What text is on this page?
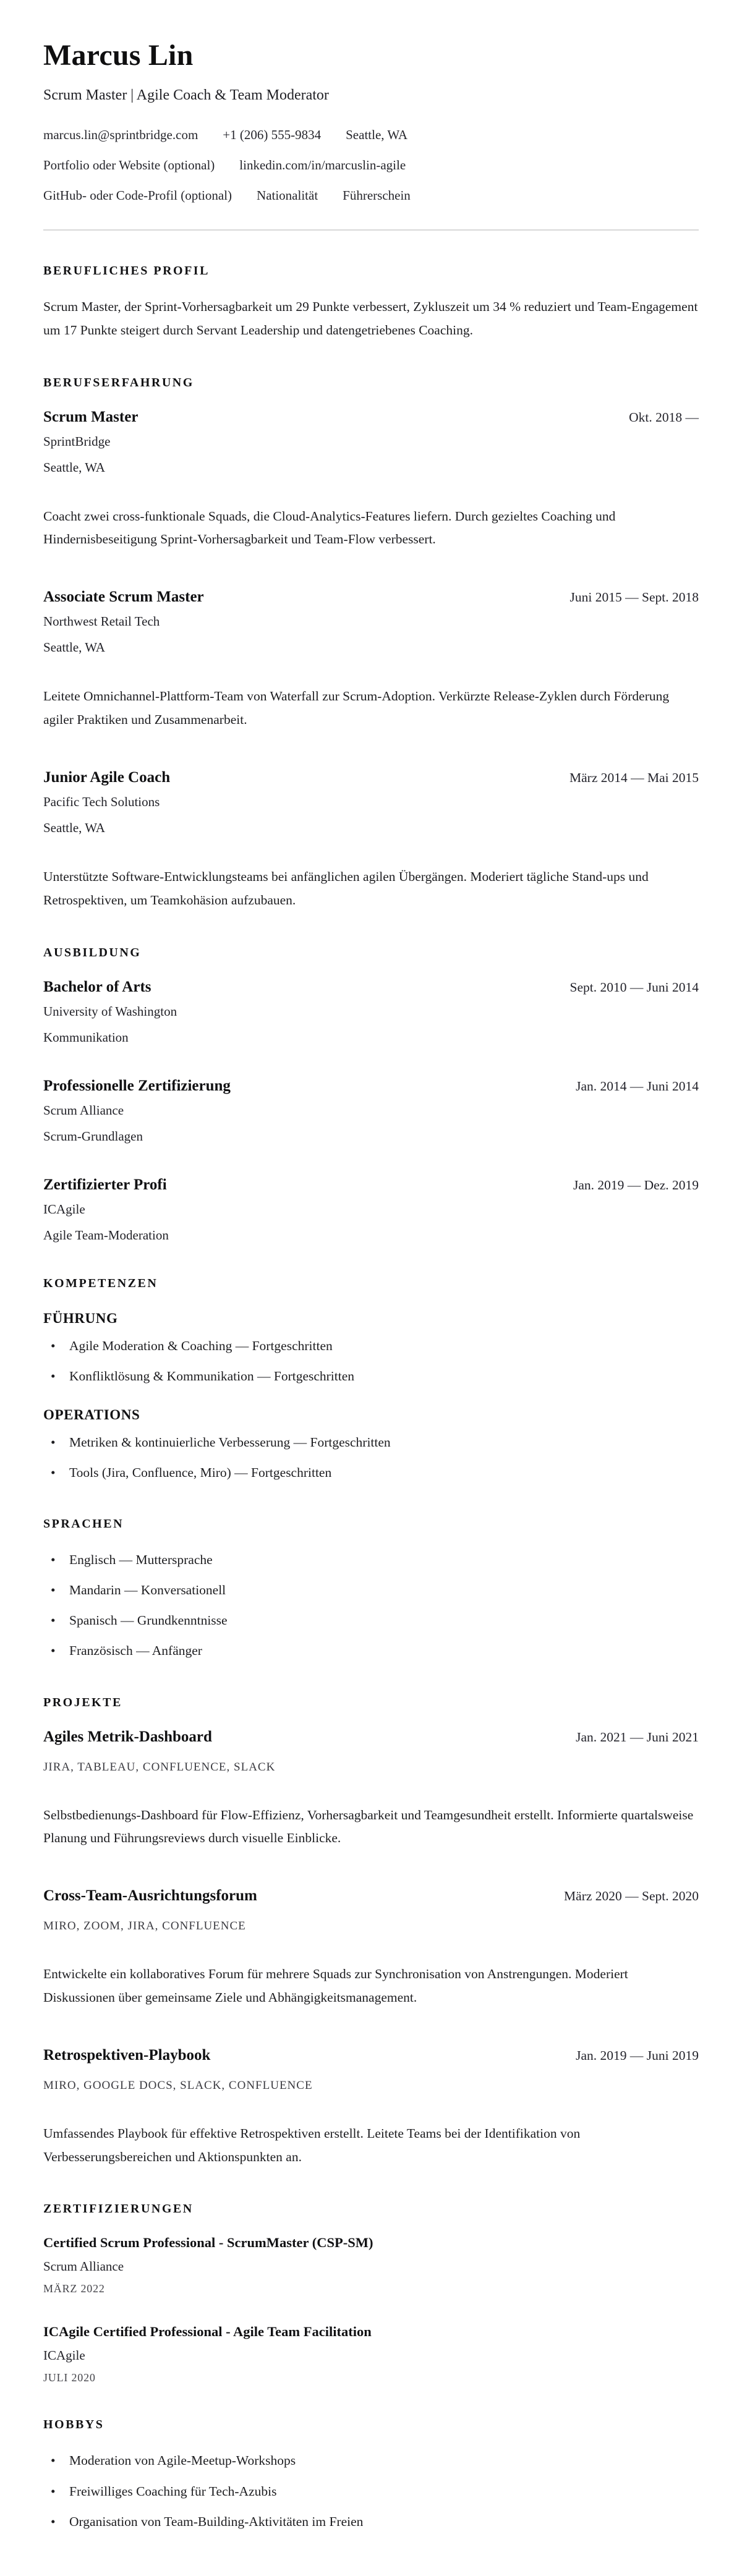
Marcus Lin

Scrum Master | Agile Coach & Team Moderator

marcus.lin@sprintbridge.com +1 (206) 555-9834 Seattle, WA
Portfolio oder Website (optional) linkedin.com/in/marcuslin-agile
GitHub- oder Code-Profil (optional) Nationalität Führerschein
BERUFLICHES PROFIL

Scrum Master, der Sprint-Vorhersagbarkeit um 29 Punkte verbessert, Zykluszeit um 34 % reduziert und Team-Engagement um 17 Punkte steigert durch Servant Leadership und datengetriebenes Coaching.

BERUFSERFAHRUNG
Scrum Master	Okt. 2018 —
SprintBridge
Seattle, WA

Coacht zwei cross-funktionale Squads, die Cloud-Analytics-Features liefern. Durch gezieltes Coaching und Hindernisbeseitigung Sprint-Vorhersagbarkeit und Team-Flow verbessert.

Associate Scrum Master	Juni 2015 — Sept. 2018
Northwest Retail Tech
Seattle, WA

Leitete Omnichannel-Plattform-Team von Waterfall zur Scrum-Adoption. Verkürzte Release-Zyklen durch Förderung agiler Praktiken und Zusammenarbeit.

Junior Agile Coach	März 2014 — Mai 2015
Pacific Tech Solutions
Seattle, WA

Unterstützte Software-Entwicklungsteams bei anfänglichen agilen Übergängen. Moderiert tägliche Stand-ups und Retrospektiven, um Teamkohäsion aufzubauen.

AUSBILDUNG
Bachelor of Arts	Sept. 2010 — Juni 2014
University of Washington
Kommunikation
Professionelle Zertifizierung	Jan. 2014 — Juni 2014
Scrum Alliance
Scrum-Grundlagen
Zertifizierter Profi	Jan. 2019 — Dez. 2019
ICAgile
Agile Team-Moderation
KOMPETENZEN
FÜHRUNG
• Agile Moderation & Coaching — Fortgeschritten
• Konfliktlösung & Kommunikation — Fortgeschritten
OPERATIONS
• Metriken & kontinuierliche Verbesserung — Fortgeschritten
• Tools (Jira, Confluence, Miro) — Fortgeschritten
SPRACHEN
• Englisch — Muttersprache
• Mandarin — Konversationell
• Spanisch — Grundkenntnisse
• Französisch — Anfänger
PROJEKTE
Agiles Metrik-Dashboard	Jan. 2021 — Juni 2021
JIRA, TABLEAU, CONFLUENCE, SLACK

Selbstbedienungs-Dashboard für Flow-Effizienz, Vorhersagbarkeit und Teamgesundheit erstellt. Informierte quartalsweise Planung und Führungsreviews durch visuelle Einblicke.

Cross-Team-Ausrichtungsforum	März 2020 — Sept. 2020
MIRO, ZOOM, JIRA, CONFLUENCE

Entwickelte ein kollaboratives Forum für mehrere Squads zur Synchronisation von Anstrengungen. Moderiert Diskussionen über gemeinsame Ziele und Abhängigkeitsmanagement.

Retrospektiven-Playbook	Jan. 2019 — Juni 2019
MIRO, GOOGLE DOCS, SLACK, CONFLUENCE

Umfassendes Playbook für effektive Retrospektiven erstellt. Leitete Teams bei der Identifikation von Verbesserungsbereichen und Aktionspunkten an.

ZERTIFIZIERUNGEN
Certified Scrum Professional - ScrumMaster (CSP-SM)
Scrum Alliance
MÄRZ 2022
ICAgile Certified Professional - Agile Team Facilitation
ICAgile
JULI 2020
HOBBYS
• Moderation von Agile-Meetup-Workshops
• Freiwilliges Coaching für Tech-Azubis
• Organisation von Team-Building-Aktivitäten im Freien
